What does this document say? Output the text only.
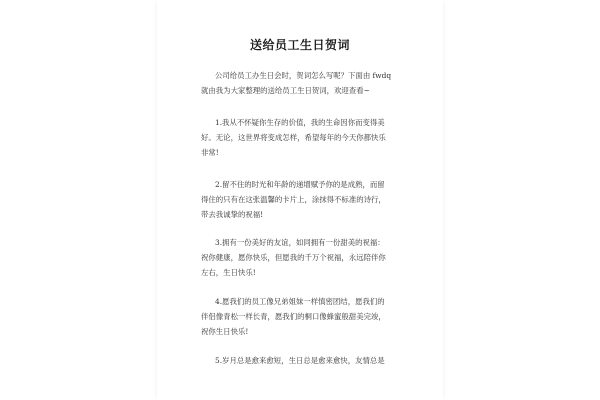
送给员工生日贺词

公司给员工办生日会时，贺词怎么写呢？下面由 fwdq
就由我为大家整理的送给员工生日贺词，欢迎查看~

1.我从不怀疑你生存的价值，我的生命因你而变得美
好。无论，这世界将变成怎样，希望每年的今天你都快乐
非常!

2.留不住的时光和年龄的递增赋予你的是成熟，而留
得住的只有在这张温馨的卡片上，涂抹得不标准的诗行，
带去我诚挚的祝福!

3.拥有一份美好的友谊，如同拥有一份甜美的祝福：
祝你健康，愿你快乐，但愿我的千万个祝福，永远陪伴你
左右，生日快乐!

4.愿我们的员工像兄弟姐妹一样慎密团结，愿我们的
伴侣像青松一样长青，愿我们的桐口像蜂蜜般甜美完竣，
祝你生日快乐!

5.岁月总是愈来愈短，生日总是愈来愈快，友情总是
